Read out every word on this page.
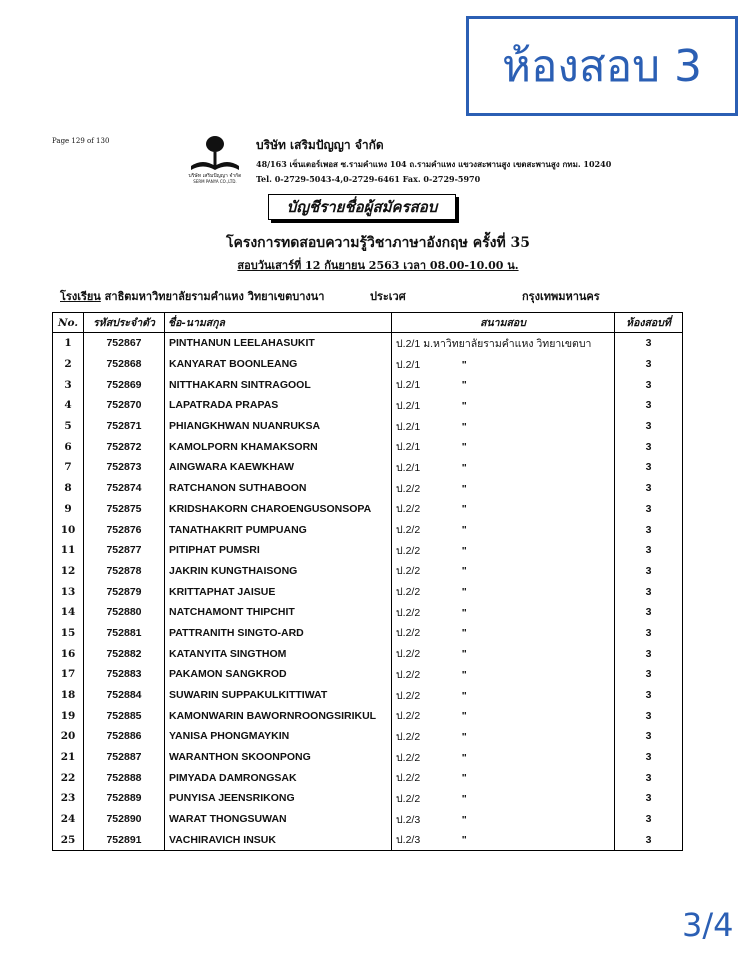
ห้องสอบ 3
Page 129 of 130
บริษัท เสริมปัญญา จำกัด
SERM PANYA CO.,LTD.
บริษัท เสริมปัญญา จำกัด
48/163 เซ็นเตอร์เพอส ซ.รามคำแหง 104 ถ.รามคำแหง แขวงสะพานสูง เขตสะพานสูง กทม. 10240
Tel. 0-2729-5043-4,0-2729-6461 Fax. 0-2729-5970
บัญชีรายชื่อผู้สมัครสอบ
โครงการทดสอบความรู้วิชาภาษาอังกฤษ ครั้งที่ 35
สอบวันเสาร์ที่ 12 กันยายน 2563 เวลา 08.00-10.00 น.
โรงเรียน สาธิตมหาวิทยาลัยรามคำแหง วิทยาเขตบางนา	ประเวศ	กรุงเทพมหานคร
No.	รหัสประจำตัว	ชื่อ-นามสกุล	สนามสอบ	ห้องสอบที่
1	752867	PINTHANUN LEELAHASUKIT	ป.2/1 ม.หาวิทยาลัยรามคำแหง วิทยาเขตบา	3
2	752868	KANYARAT BOONLEANG	ป.2/1 "	3
3	752869	NITTHAKARN SINTRAGOOL	ป.2/1 "	3
4	752870	LAPATRADA PRAPAS	ป.2/1 "	3
5	752871	PHIANGKHWAN NUANRUKSA	ป.2/1 "	3
6	752872	KAMOLPORN KHAMAKSORN	ป.2/1 "	3
7	752873	AINGWARA KAEWKHAW	ป.2/1 "	3
8	752874	RATCHANON SUTHABOON	ป.2/2 "	3
9	752875	KRIDSHAKORN CHAROENGUSONSOPA	ป.2/2 "	3
10	752876	TANATHAKRIT PUMPUANG	ป.2/2 "	3
11	752877	PITIPHAT PUMSRI	ป.2/2 "	3
12	752878	JAKRIN KUNGTHAISONG	ป.2/2 "	3
13	752879	KRITTAPHAT JAISUE	ป.2/2 "	3
14	752880	NATCHAMONT THIPCHIT	ป.2/2 "	3
15	752881	PATTRANITH SINGTO-ARD	ป.2/2 "	3
16	752882	KATANYITA SINGTHOM	ป.2/2 "	3
17	752883	PAKAMON SANGKROD	ป.2/2 "	3
18	752884	SUWARIN SUPPAKULKITTIWAT	ป.2/2 "	3
19	752885	KAMONWARIN BAWORNROONGSIRIKUL	ป.2/2 "	3
20	752886	YANISA PHONGMAYKIN	ป.2/2 "	3
21	752887	WARANTHON SKOONPONG	ป.2/2 "	3
22	752888	PIMYADA DAMRONGSAK	ป.2/2 "	3
23	752889	PUNYISA JEENSRIKONG	ป.2/2 "	3
24	752890	WARAT THONGSUWAN	ป.2/3 "	3
25	752891	VACHIRAVICH INSUK	ป.2/3 "	3
3/4
